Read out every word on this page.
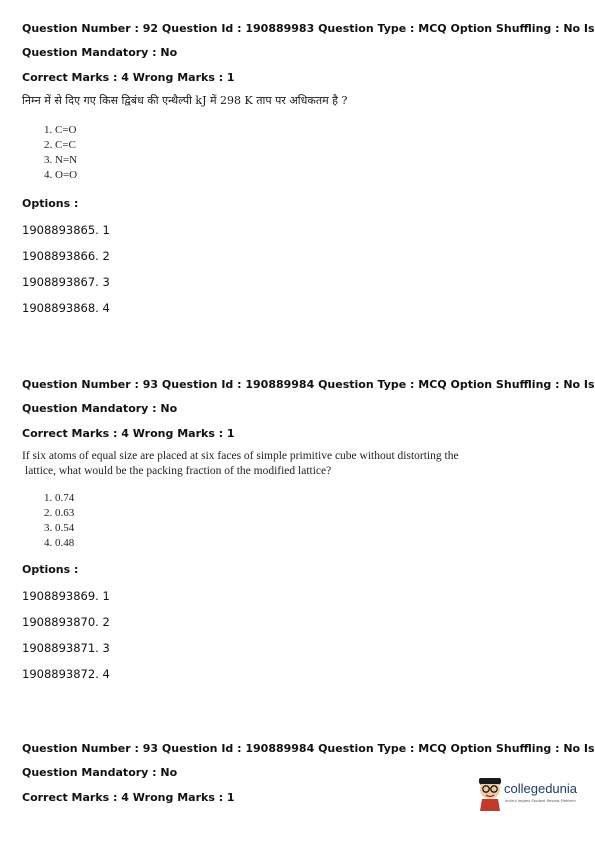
Question Number : 92 Question Id : 190889983 Question Type : MCQ Option Shuffling : No Is

Question Mandatory : No

Correct Marks : 4 Wrong Marks : 1

निम्न में से दिए गए किस द्विबंध की एन्थैल्पी kJ में 298 K ताप पर अधिकतम है ?
1. C=O
2. C=C
3. N=N
4. O=O

Options :

1908893865. 1

1908893866. 2

1908893867. 3

1908893868. 4

Question Number : 93 Question Id : 190889984 Question Type : MCQ Option Shuffling : No Is

Question Mandatory : No

Correct Marks : 4 Wrong Marks : 1

If six atoms of equal size are placed at six faces of simple primitive cube without distorting the
lattice, what would be the packing fraction of the modified lattice?
1. 0.74
2. 0.63
3. 0.54
4. 0.48

Options :

1908893869. 1

1908893870. 2

1908893871. 3

1908893872. 4

Question Number : 93 Question Id : 190889984 Question Type : MCQ Option Shuffling : No Is

Question Mandatory : No

Correct Marks : 4 Wrong Marks : 1

collegedunia
India's largest Student Review Platform
